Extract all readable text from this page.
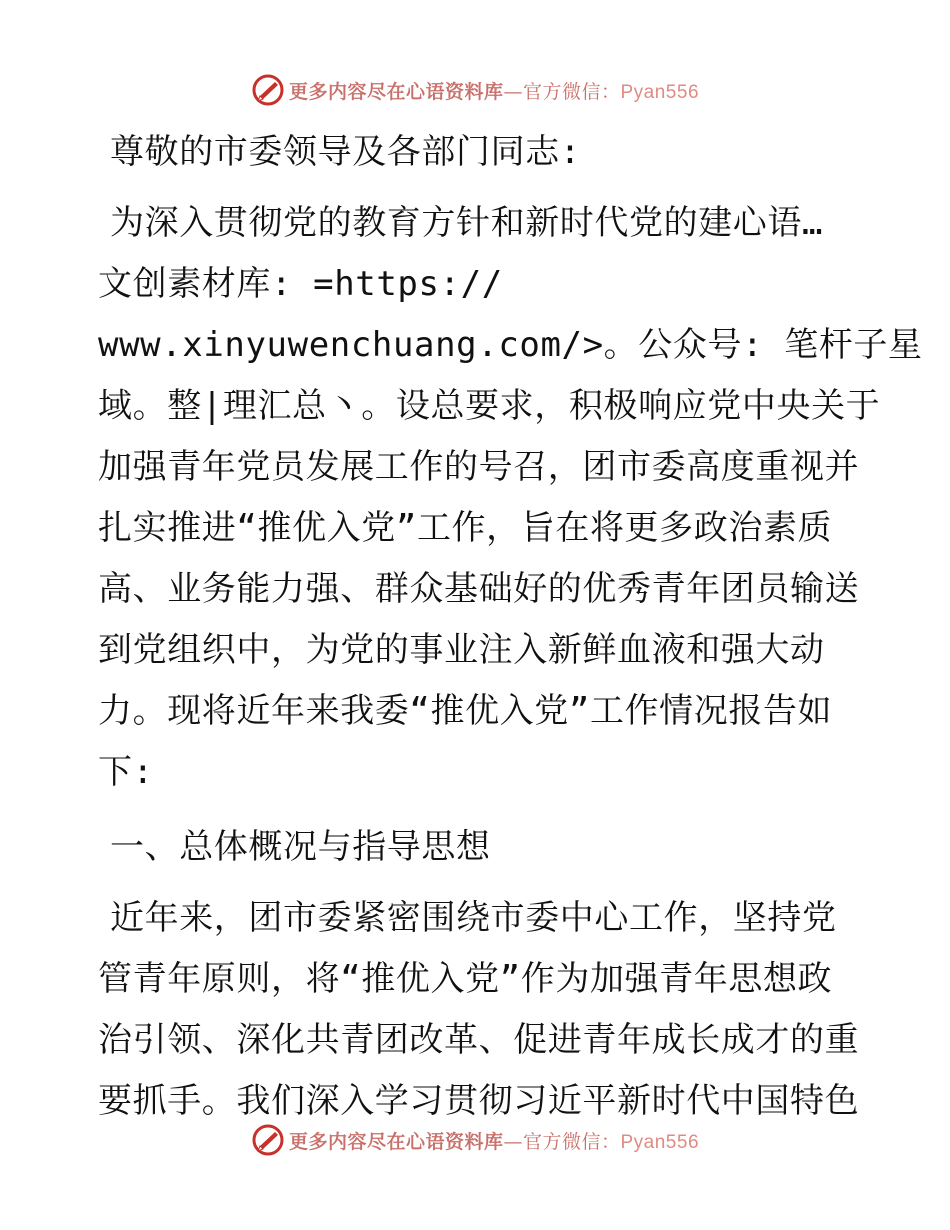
更多内容尽在心语资料库—官方微信：Pyan556
尊敬的市委领导及各部门同志:
为深入贯彻党的教育方针和新时代党的建心语…
文创素材库: =https://
www.xinyuwenchuang.com/>。公众号: 笔杆子星
域。整|理汇总丶。设总要求，积极响应党中央关于
加强青年党员发展工作的号召，团市委高度重视并
扎实推进“推优入党”工作，旨在将更多政治素质
高、业务能力强、群众基础好的优秀青年团员输送
到党组织中，为党的事业注入新鲜血液和强大动
力。现将近年来我委“推优入党”工作情况报告如
下:
一、总体概况与指导思想
近年来，团市委紧密围绕市委中心工作，坚持党
管青年原则，将“推优入党”作为加强青年思想政
治引领、深化共青团改革、促进青年成长成才的重
要抓手。我们深入学习贯彻习近平新时代中国特色
更多内容尽在心语资料库—官方微信：Pyan556
